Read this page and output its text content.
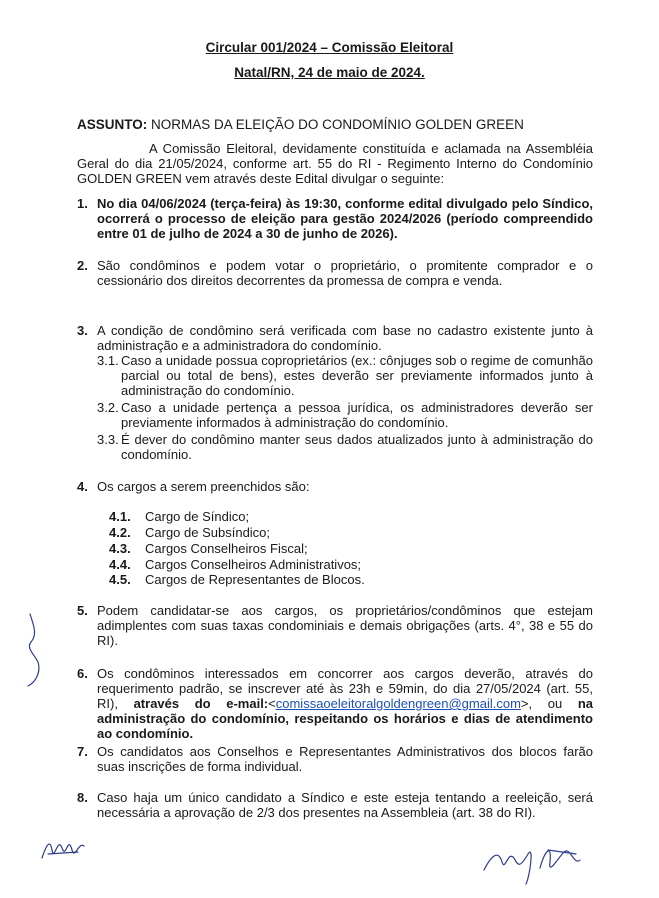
Circular 001/2024 – Comissão Eleitoral
Natal/RN, 24 de maio de 2024.
ASSUNTO: NORMAS DA ELEIÇÃO DO CONDOMÍNIO GOLDEN GREEN
A Comissão Eleitoral, devidamente constituída e aclamada na Assembléia Geral do dia 21/05/2024, conforme art. 55 do RI - Regimento Interno do Condomínio GOLDEN GREEN vem através deste Edital divulgar o seguinte:
1. No dia 04/06/2024 (terça-feira) às 19:30, conforme edital divulgado pelo Síndico, ocorrerá o processo de eleição para gestão 2024/2026 (período compreendido entre 01 de julho de 2024 a 30 de junho de 2026).
2. São condôminos e podem votar o proprietário, o promitente comprador e o cessionário dos direitos decorrentes da promessa de compra e venda.
3. A condição de condômino será verificada com base no cadastro existente junto à administração e a administradora do condomínio.
3.1. Caso a unidade possua coproprietários (ex.: cônjuges sob o regime de comunhão parcial ou total de bens), estes deverão ser previamente informados junto à administração do condomínio.
3.2. Caso a unidade pertença a pessoa jurídica, os administradores deverão ser previamente informados à administração do condomínio.
3.3. É dever do condômino manter seus dados atualizados junto à administração do condomínio.
4. Os cargos a serem preenchidos são:
4.1. Cargo de Síndico;
4.2. Cargo de Subsíndico;
4.3. Cargos Conselheiros Fiscal;
4.4. Cargos Conselheiros Administrativos;
4.5. Cargos de Representantes de Blocos.
5. Podem candidatar-se aos cargos, os proprietários/condôminos que estejam adimplentes com suas taxas condominiais e demais obrigações (arts. 4°, 38 e 55 do RI).
6. Os condôminos interessados em concorrer aos cargos deverão, através do requerimento padrão, se inscrever até às 23h e 59min, do dia 27/05/2024 (art. 55, RI), através do e-mail:<comissaoeleitoralgoldengreen@gmail.com>, ou na administração do condomínio, respeitando os horários e dias de atendimento ao condomínio.
7. Os candidatos aos Conselhos e Representantes Administrativos dos blocos farão suas inscrições de forma individual.
8. Caso haja um único candidato a Síndico e este esteja tentando a reeleição, será necessária a aprovação de 2/3 dos presentes na Assembleia (art. 38 do RI).
